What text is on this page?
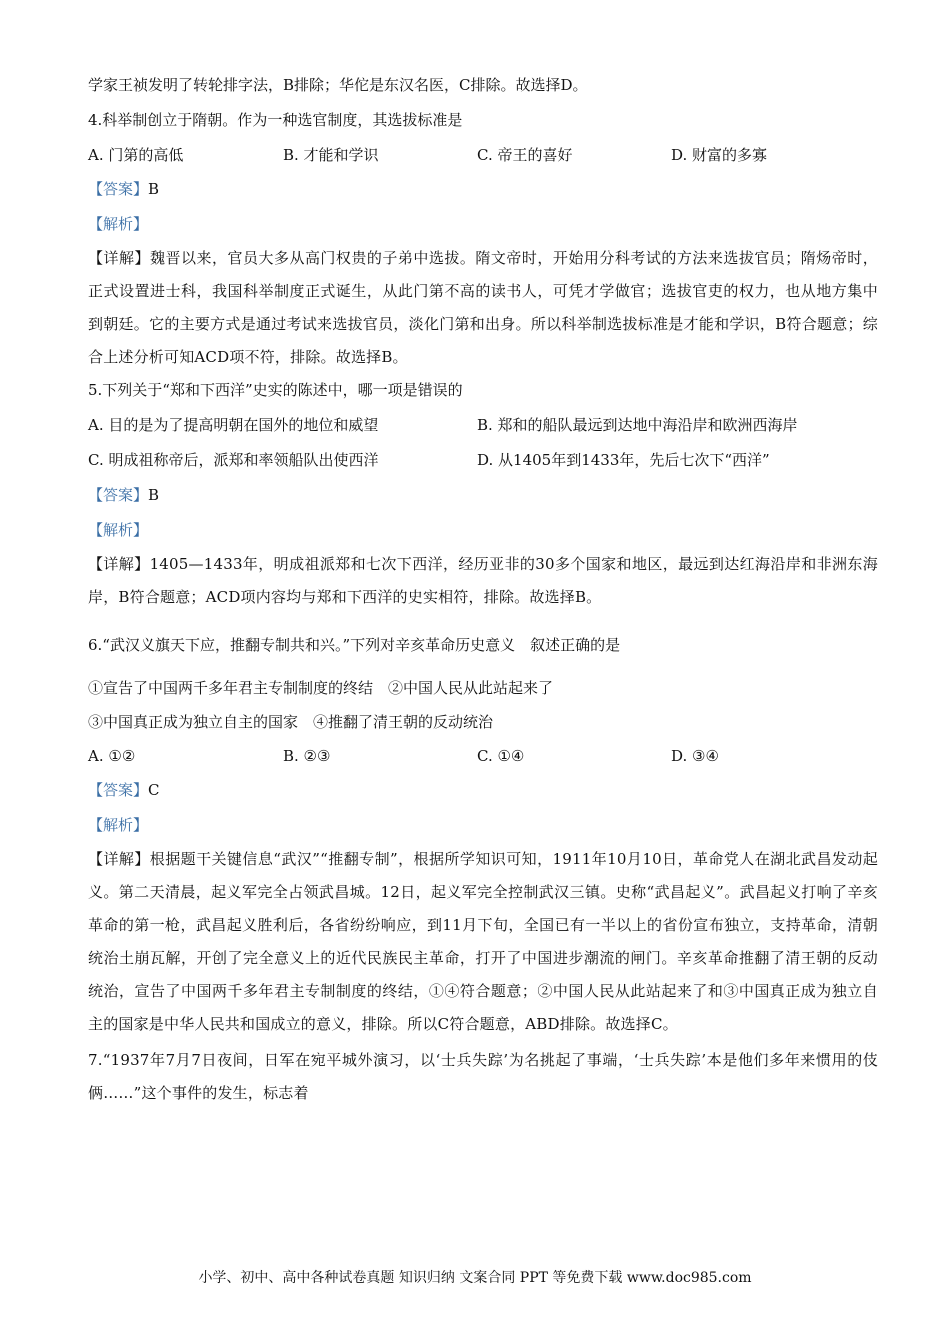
学家王祯发明了转轮排字法，B排除；华佗是东汉名医，C排除。故选择D。

4.科举制创立于隋朝。作为一种选官制度，其选拔标准是

A. 门第的高低	B. 才能和学识	C. 帝王的喜好	D. 财富的多寡

【答案】B

【解析】

【详解】魏晋以来，官员大多从高门权贵的子弟中选拔。隋文帝时，开始用分科考试的方法来选拔官员；隋炀帝时，正式设置进士科，我国科举制度正式诞生，从此门第不高的读书人，可凭才学做官；选拔官吏的权力，也从地方集中到朝廷。它的主要方式是通过考试来选拔官员，淡化门第和出身。所以科举制选拔标准是才能和学识，B符合题意；综合上述分析可知ACD项不符，排除。故选择B。

5.下列关于“郑和下西洋”史实的陈述中，哪一项是错误的

A. 目的是为了提高明朝在国外的地位和威望	B. 郑和的船队最远到达地中海沿岸和欧洲西海岸
C. 明成祖称帝后，派郑和率领船队出使西洋	D. 从1405年到1433年，先后七次下“西洋”

【答案】B

【解析】

【详解】1405—1433年，明成祖派郑和七次下西洋，经历亚非的30多个国家和地区，最远到达红海沿岸和非洲东海岸，B符合题意；ACD项内容均与郑和下西洋的史实相符，排除。故选择B。

6.“武汉义旗天下应，推翻专制共和兴。”下列对辛亥革命历史意义　叙述正确的是

①宣告了中国两千多年君主专制制度的终结　②中国人民从此站起来了

③中国真正成为独立自主的国家　④推翻了清王朝的反动统治

A. ①②	B. ②③	C. ①④	D. ③④

【答案】C

【解析】

【详解】根据题干关键信息“武汉”“推翻专制”，根据所学知识可知，1911年10月10日，革命党人在湖北武昌发动起义。第二天清晨，起义军完全占领武昌城。12日，起义军完全控制武汉三镇。史称“武昌起义”。武昌起义打响了辛亥革命的第一枪，武昌起义胜利后，各省纷纷响应，到11月下旬，全国已有一半以上的省份宣布独立，支持革命，清朝统治土崩瓦解，开创了完全意义上的近代民族民主革命，打开了中国进步潮流的闸门。辛亥革命推翻了清王朝的反动统治，宣告了中国两千多年君主专制制度的终结，①④符合题意；②中国人民从此站起来了和③中国真正成为独立自主的国家是中华人民共和国成立的意义，排除。所以C符合题意，ABD排除。故选择C。

7.“1937年7月7日夜间，日军在宛平城外演习，以‘士兵失踪’为名挑起了事端，‘士兵失踪’本是他们多年来惯用的伎俩……”这个事件的发生，标志着

小学、初中、高中各种试卷真题 知识归纳 文案合同 PPT 等免费下载 www.doc985.com
